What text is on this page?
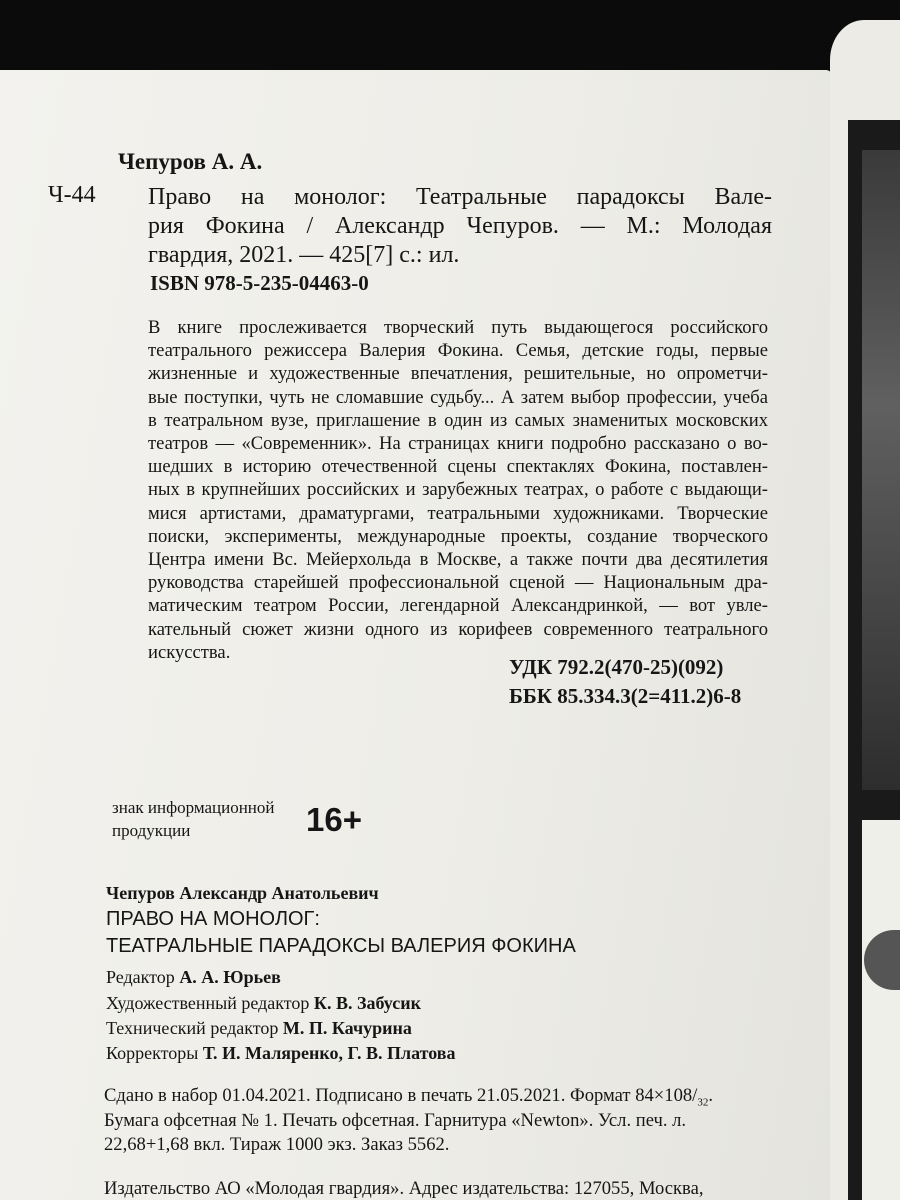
Чепуров А. А.
Ч-44 Право на монолог: Театральные парадоксы Вале-
рия Фокина / Александр Чепуров. — М.: Молодая
гвардия, 2021. — 425[7] с.: ил.
ISBN 978-5-235-04463-0
В книге прослеживается творческий путь выдающегося российского
театрального режиссера Валерия Фокина. Семья, детские годы, первые
жизненные и художественные впечатления, решительные, но опрометчи-
вые поступки, чуть не сломавшие судьбу... А затем выбор профессии, учеба
в театральном вузе, приглашение в один из самых знаменитых московских
театров — «Современник». На страницах книги подробно рассказано о во-
шедших в историю отечественной сцены спектаклях Фокина, поставлен-
ных в крупнейших российских и зарубежных театрах, о работе с выдающи-
мися артистами, драматургами, театральными художниками. Творческие
поиски, эксперименты, международные проекты, создание творческого
Центра имени Вс. Мейерхольда в Москве, а также почти два десятилетия
руководства старейшей профессиональной сценой — Национальным дра-
матическим театром России, легендарной Александринкой, — вот увле-
кательный сюжет жизни одного из корифеев современного театрального
искусства.
УДК 792.2(470-25)(092)
ББК 85.334.3(2=411.2)6-8
знак информационной
продукции	16+
Чепуров Александр Анатольевич
ПРАВО НА МОНОЛОГ:
ТЕАТРАЛЬНЫЕ ПАРАДОКСЫ ВАЛЕРИЯ ФОКИНА
Редактор А. А. Юрьев
Художественный редактор К. В. Забусик
Технический редактор М. П. Качурина
Корректоры Т. И. Маляренко, Г. В. Платова
Сдано в набор 01.04.2021. Подписано в печать 21.05.2021. Формат $84\times 108/_{32}$.
Бумага офсетная № 1. Печать офсетная. Гарнитура «Newton». Усл. печ. л.
22,68+1,68 вкл. Тираж 1000 экз. Заказ 5562.
Издательство АО «Молодая гвардия». Адрес издательства: 127055, Москва,
